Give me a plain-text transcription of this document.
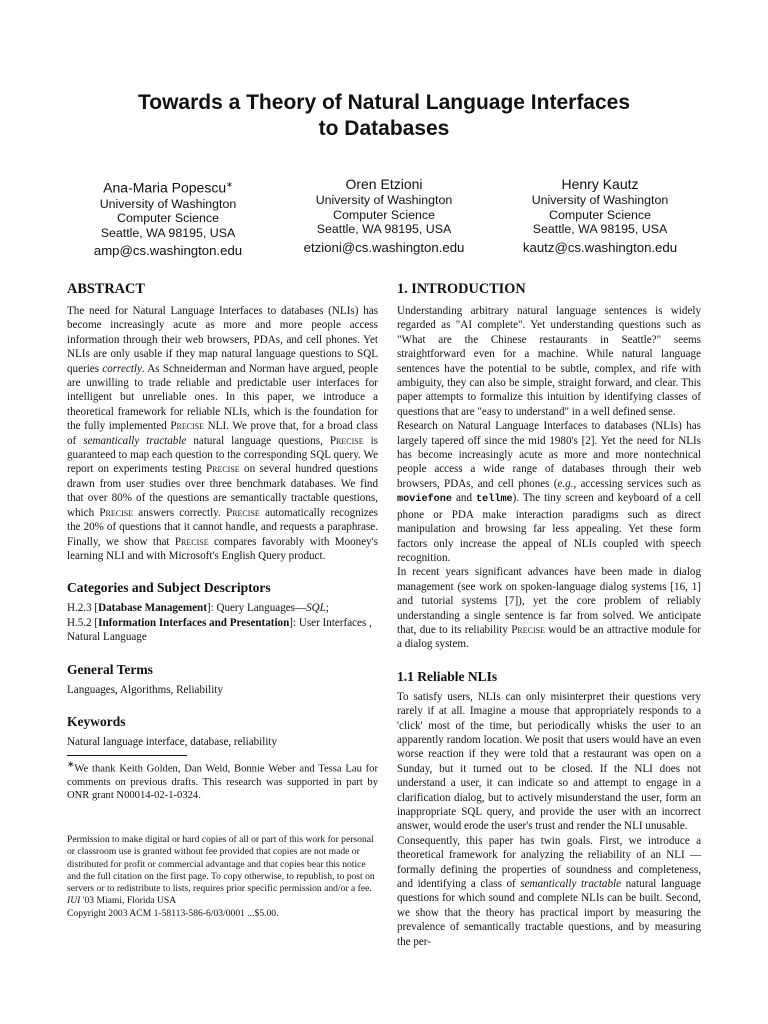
Towards a Theory of Natural Language Interfaces
to Databases
Ana-Maria Popescu∗
University of Washington
Computer Science
Seattle, WA 98195, USA
amp@cs.washington.edu
Oren Etzioni
University of Washington
Computer Science
Seattle, WA 98195, USA
etzioni@cs.washington.edu
Henry Kautz
University of Washington
Computer Science
Seattle, WA 98195, USA
kautz@cs.washington.edu
ABSTRACT

The need for Natural Language Interfaces to databases (NLIs) has become increasingly acute as more and more people access information through their web browsers, PDAs, and cell phones. Yet NLIs are only usable if they map natural language questions to SQL queries correctly. As Schneiderman and Norman have argued, people are unwilling to trade reliable and predictable user interfaces for intelligent but unreliable ones. In this paper, we introduce a theoretical framework for reliable NLIs, which is the foundation for the fully implemented Precise NLI. We prove that, for a broad class of semantically tractable natural language questions, Precise is guaranteed to map each question to the corresponding SQL query. We report on experiments testing Precise on several hundred questions drawn from user studies over three benchmark databases. We find that over 80% of the questions are semantically tractable questions, which Precise answers correctly. Precise automatically recognizes the 20% of questions that it cannot handle, and requests a paraphrase. Finally, we show that Precise compares favorably with Mooney's learning NLI and with Microsoft's English Query product.

Categories and Subject Descriptors

H.2.3 [Database Management]: Query Languages—SQL;
H.5.2 [Information Interfaces and Presentation]: User Interfaces , Natural Language

General Terms

Languages, Algorithms, Reliability

Keywords

Natural language interface, database, reliability

∗We thank Keith Golden, Dan Weld, Bonnie Weber and Tessa Lau for comments on previous drafts. This research was supported in part by ONR grant N00014-02-1-0324.

Permission to make digital or hard copies of all or part of this work for personal or classroom use is granted without fee provided that copies are not made or distributed for profit or commercial advantage and that copies bear this notice and the full citation on the first page. To copy otherwise, to republish, to post on servers or to redistribute to lists, requires prior specific permission and/or a fee.

IUI '03 Miami, Florida USA

Copyright 2003 ACM 1-58113-586-6/03/0001 ...$5.00.

1. INTRODUCTION

Understanding arbitrary natural language sentences is widely regarded as "AI complete". Yet understanding questions such as "What are the Chinese restaurants in Seattle?" seems straightforward even for a machine. While natural language sentences have the potential to be subtle, complex, and rife with ambiguity, they can also be simple, straight forward, and clear. This paper attempts to formalize this intuition by identifying classes of questions that are "easy to understand" in a well defined sense.

Research on Natural Language Interfaces to databases (NLIs) has largely tapered off since the mid 1980's [2]. Yet the need for NLIs has become increasingly acute as more and more nontechnical people access a wide range of databases through their web browsers, PDAs, and cell phones (e.g., accessing services such as moviefone and tellme). The tiny screen and keyboard of a cell phone or PDA make interaction paradigms such as direct manipulation and browsing far less appealing. Yet these form factors only increase the appeal of NLIs coupled with speech recognition.

In recent years significant advances have been made in dialog management (see work on spoken-language dialog systems [16, 1] and tutorial systems [7]), yet the core problem of reliably understanding a single sentence is far from solved. We anticipate that, due to its reliability Precise would be an attractive module for a dialog system.

1.1 Reliable NLIs

To satisfy users, NLIs can only misinterpret their questions very rarely if at all. Imagine a mouse that appropriately responds to a 'click' most of the time, but periodically whisks the user to an apparently random location. We posit that users would have an even worse reaction if they were told that a restaurant was open on a Sunday, but it turned out to be closed. If the NLI does not understand a user, it can indicate so and attempt to engage in a clarification dialog, but to actively misunderstand the user, form an inappropriate SQL query, and provide the user with an incorrect answer, would erode the user's trust and render the NLI unusable.

Consequently, this paper has twin goals. First, we introduce a theoretical framework for analyzing the reliability of an NLI — formally defining the properties of soundness and completeness, and identifying a class of semantically tractable natural language questions for which sound and complete NLIs can be built. Second, we show that the theory has practical import by measuring the prevalence of semantically tractable questions, and by measuring the per-
